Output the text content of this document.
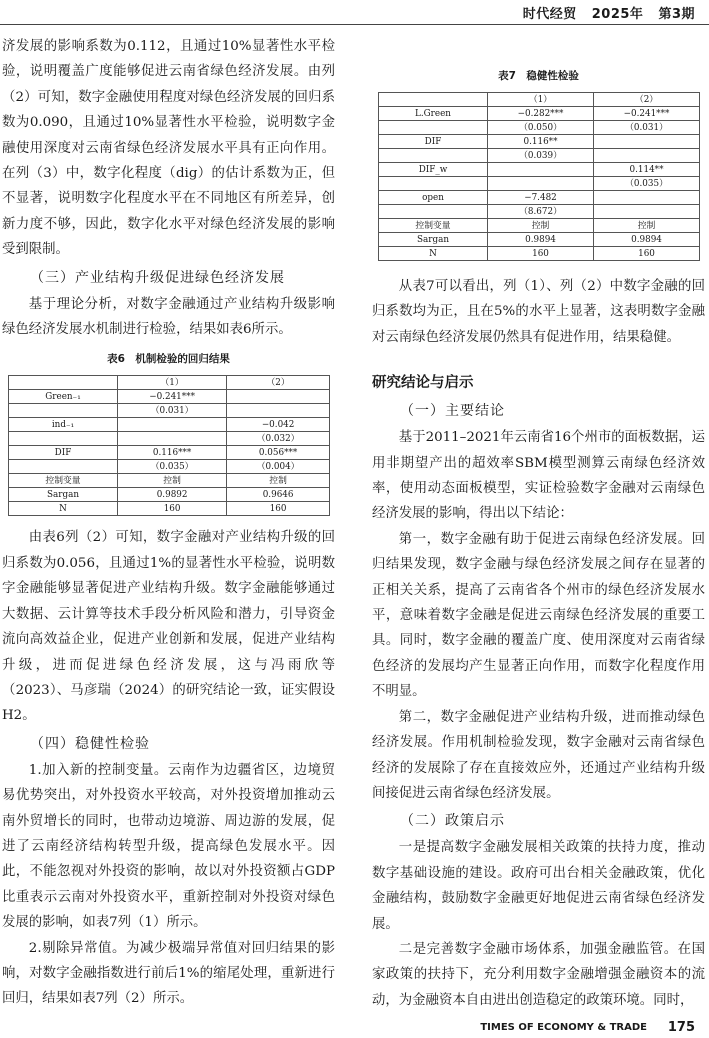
时代经贸 2025年 第3期

济发展的影响系数为0.112，且通过10%显著性水平检验，说明覆盖广度能够促进云南省绿色经济发展。由列（2）可知，数字金融使用程度对绿色经济发展的回归系数为0.090，且通过10%显著性水平检验，说明数字金融使用深度对云南省绿色经济发展水平具有正向作用。在列（3）中，数字化程度（dig）的估计系数为正，但不显著，说明数字化程度水平在不同地区有所差异，创新力度不够，因此，数字化水平对绿色经济发展的影响受到限制。

（三）产业结构升级促进绿色经济发展

基于理论分析，对数字金融通过产业结构升级影响绿色经济发展水机制进行检验，结果如表6所示。

表6　机制检验的回归结果
	（1）	（2）
Green₋₁	−0.241***	
	（0.031）	
ind₋₁		−0.042
		（0.032）
DIF	0.116***	0.056***
	（0.035）	（0.004）
控制变量	控制	控制
Sargan	0.9892	0.9646
N	160	160

由表6列（2）可知，数字金融对产业结构升级的回归系数为0.056，且通过1%的显著性水平检验，说明数字金融能够显著促进产业结构升级。数字金融能够通过大数据、云计算等技术手段分析风险和潜力，引导资金流向高效益企业，促进产业创新和发展，促进产业结构升级，进而促进绿色经济发展，这与冯雨欣等（2023）、马彦瑞（2024）的研究结论一致，证实假设H2。

（四）稳健性检验

1.加入新的控制变量。云南作为边疆省区，边境贸易优势突出，对外投资水平较高，对外投资增加推动云南外贸增长的同时，也带动边境游、周边游的发展，促进了云南经济结构转型升级，提高绿色发展水平。因此，不能忽视对外投资的影响，故以对外投资额占GDP比重表示云南对外投资水平，重新控制对外投资对绿色发展的影响，如表7列（1）所示。

2.剔除异常值。为减少极端异常值对回归结果的影响，对数字金融指数进行前后1%的缩尾处理，重新进行回归，结果如表7列（2）所示。

表7　稳健性检验
	（1）	（2）
L.Green	−0.282***	−0.241***
	（0.050）	（0.031）
DIF	0.116**	
	（0.039）	
DIF_w		0.114**
		（0.035）
open	−7.482	
	（8.672）	
控制变量	控制	控制
Sargan	0.9894	0.9894
N	160	160

从表7可以看出，列（1）、列（2）中数字金融的回归系数均为正，且在5%的水平上显著，这表明数字金融对云南绿色经济发展仍然具有促进作用，结果稳健。

研究结论与启示
（一）主要结论

基于2011–2021年云南省16个州市的面板数据，运用非期望产出的超效率SBM模型测算云南绿色经济效率，使用动态面板模型，实证检验数字金融对云南绿色经济发展的影响，得出以下结论：

第一，数字金融有助于促进云南绿色经济发展。回归结果发现，数字金融与绿色经济发展之间存在显著的正相关关系，提高了云南省各个州市的绿色经济发展水平，意味着数字金融是促进云南绿色经济发展的重要工具。同时，数字金融的覆盖广度、使用深度对云南省绿色经济的发展均产生显著正向作用，而数字化程度作用不明显。

第二，数字金融促进产业结构升级，进而推动绿色经济发展。作用机制检验发现，数字金融对云南省绿色经济的发展除了存在直接效应外，还通过产业结构升级间接促进云南省绿色经济发展。

（二）政策启示

一是提高数字金融发展相关政策的扶持力度，推动数字基础设施的建设。政府可出台相关金融政策，优化金融结构，鼓励数字金融更好地促进云南省绿色经济发展。

二是完善数字金融市场体系，加强金融监管。在国家政策的扶持下，充分利用数字金融增强金融资本的流动，为金融资本自由进出创造稳定的政策环境。同时，

TIMES OF ECONOMY & TRADE 175
